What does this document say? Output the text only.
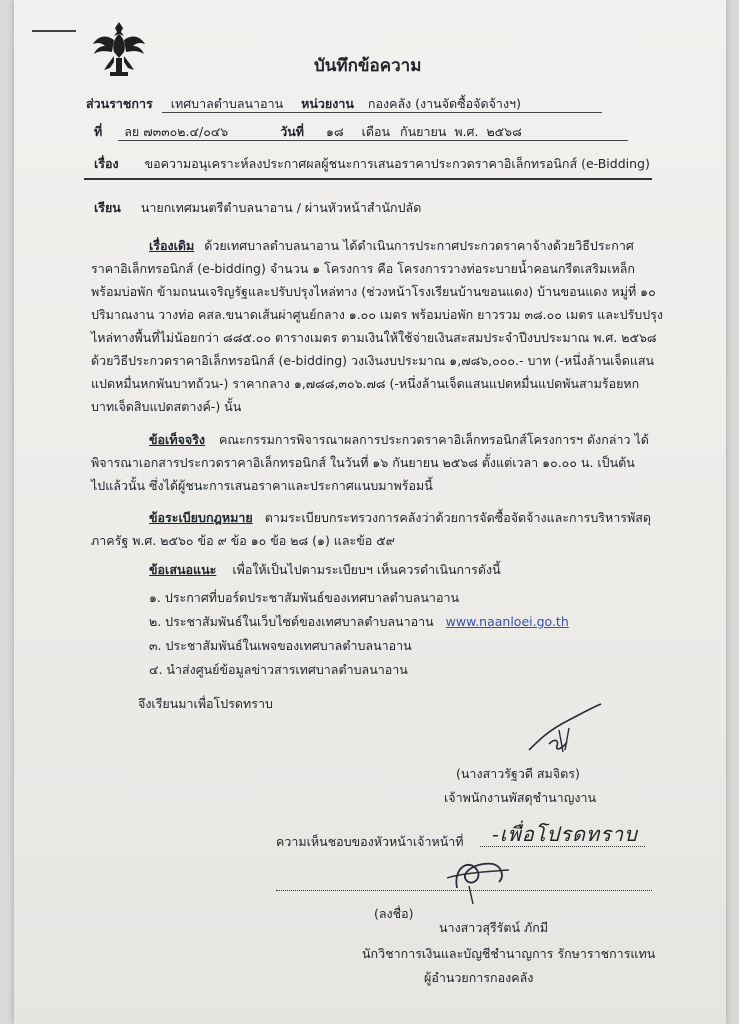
บันทึกข้อความ
ส่วนราชการ เทศบาลตำบลนาอาน หน่วยงาน กองคลัง (งานจัดซื้อจัดจ้างฯ)
ที่ ลย ๗๓๓๐๒.๔/๐๔๖	วันที่ ๑๘ เดือน กันยายน พ.ศ. ๒๕๖๘
เรื่อง ขอความอนุเคราะห์ลงประกาศผลผู้ชนะการเสนอราคาประกวดราคาอิเล็กทรอนิกส์ (e-Bidding)
เรียน นายกเทศมนตรีตำบลนาอาน / ผ่านหัวหน้าสำนักปลัด
เรื่องเดิม ด้วยเทศบาลตำบลนาอาน ได้ดำเนินการประกาศประกวดราคาจ้างด้วยวิธีประกาศ
ราคาอิเล็กทรอนิกส์ (e-bidding) จำนวน ๑ โครงการ คือ โครงการวางท่อระบายน้ำคอนกรีตเสริมเหล็ก
พร้อมบ่อพัก ข้ามถนนเจริญรัฐและปรับปรุงไหล่ทาง (ช่วงหน้าโรงเรียนบ้านขอนแดง) บ้านขอนแดง หมู่ที่ ๑๐
ปริมาณงาน วางท่อ คสล.ขนาดเส้นผ่าศูนย์กลาง ๑.๐๐ เมตร พร้อมบ่อพัก ยาวรวม ๓๘.๐๐ เมตร และปรับปรุง
ไหล่ทางพื้นที่ไม่น้อยกว่า ๘๘๕.๐๐ ตารางเมตร ตามเงินให้ใช้จ่ายเงินสะสมประจำปีงบประมาณ พ.ศ. ๒๕๖๘
ด้วยวิธีประกวดราคาอิเล็กทรอนิกส์ (e-bidding) วงเงินงบประมาณ ๑,๗๘๖,๐๐๐.- บาท (-หนึ่งล้านเจ็ดแสน
แปดหมื่นหกพันบาทถ้วน-) ราคากลาง ๑,๗๘๘,๓๐๖.๗๘ (-หนึ่งล้านเจ็ดแสนแปดหมื่นแปดพันสามร้อยหก
บาทเจ็ดสิบแปดสตางค์-) นั้น
ข้อเท็จจริง คณะกรรมการพิจารณาผลการประกวดราคาอิเล็กทรอนิกส์โครงการฯ ดังกล่าว ได้
พิจารณาเอกสารประกวดราคาอิเล็กทรอนิกส์ ในวันที่ ๑๖ กันยายน ๒๕๖๘ ตั้งแต่เวลา ๑๐.๐๐ น. เป็นต้น
ไปแล้วนั้น ซึ่งได้ผู้ชนะการเสนอราคาและประกาศแนบมาพร้อมนี้
ข้อระเบียบกฎหมาย ตามระเบียบกระทรวงการคลังว่าด้วยการจัดซื้อจัดจ้างและการบริหารพัสดุ
ภาครัฐ พ.ศ. ๒๕๖๐ ข้อ ๙ ข้อ ๑๐ ข้อ ๒๘ (๑) และข้อ ๕๙
ข้อเสนอแนะ เพื่อให้เป็นไปตามระเบียบฯ เห็นควรดำเนินการดังนี้
๑. ประกาศที่บอร์ดประชาสัมพันธ์ของเทศบาลตำบลนาอาน
๒. ประชาสัมพันธ์ในเว็บไซต์ของเทศบาลตำบลนาอาน www.naanloei.go.th
๓. ประชาสัมพันธ์ในเพจของเทศบาลตำบลนาอาน
๔. นำส่งศูนย์ข้อมูลข่าวสารเทศบาลตำบลนาอาน
จึงเรียนมาเพื่อโปรดทราบ
(นางสาวรัฐวดี สมจิตร)
เจ้าพนักงานพัสดุชำนาญงาน
ความเห็นชอบของหัวหน้าเจ้าหน้าที่ -เพื่อโปรดทราบ
(ลงชื่อ)
นางสาวสุรีรัตน์ ภักมี
นักวิชาการเงินและบัญชีชำนาญการ รักษาราชการแทน
ผู้อำนวยการกองคลัง
